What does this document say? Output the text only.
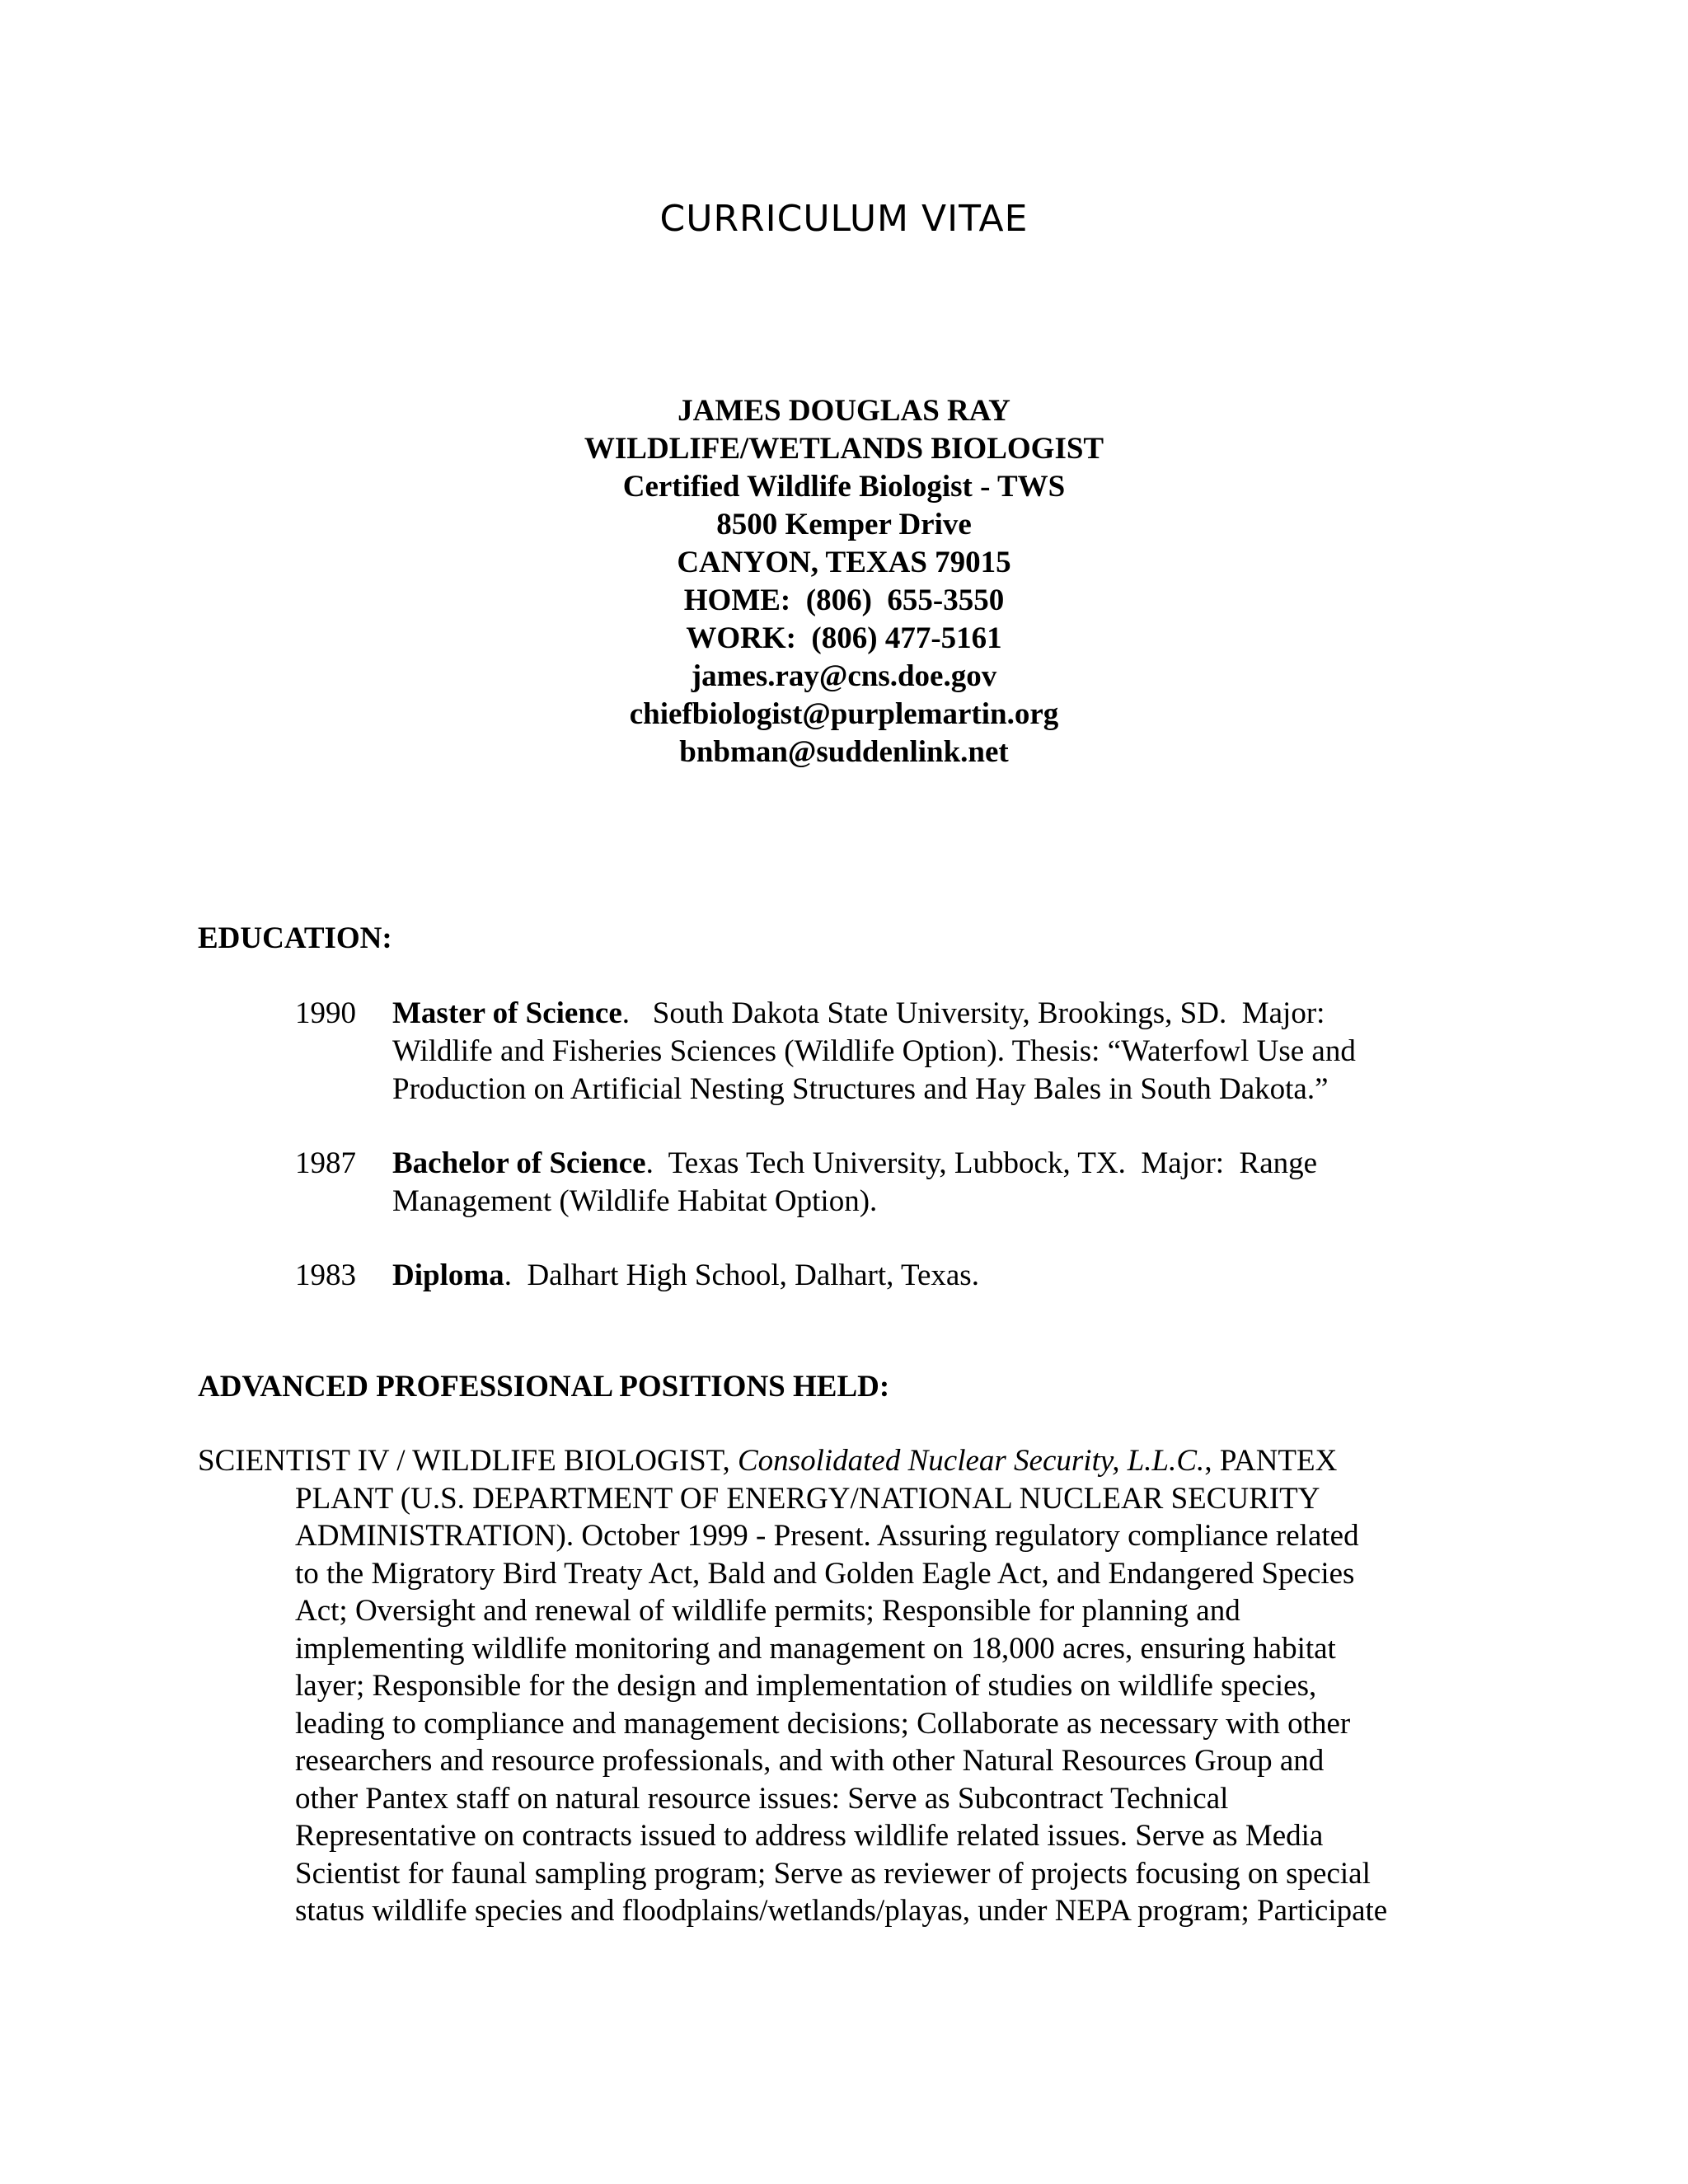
CURRICULUM VITAE
JAMES DOUGLAS RAY
WILDLIFE/WETLANDS BIOLOGIST
Certified Wildlife Biologist - TWS
8500 Kemper Drive
CANYON, TEXAS 79015
HOME:  (806)  655-3550
WORK:  (806) 477-5161
james.ray@cns.doe.gov
chiefbiologist@purplemartin.org
bnbman@suddenlink.net
EDUCATION:
1990 Master of Science.   South Dakota State University, Brookings, SD.  Major:
Wildlife and Fisheries Sciences (Wildlife Option). Thesis: “Waterfowl Use and
Production on Artificial Nesting Structures and Hay Bales in South Dakota.”
1987 Bachelor of Science.  Texas Tech University, Lubbock, TX.  Major:  Range
Management (Wildlife Habitat Option).
1983 Diploma.  Dalhart High School, Dalhart, Texas.
ADVANCED PROFESSIONAL POSITIONS HELD:
SCIENTIST IV / WILDLIFE BIOLOGIST, Consolidated Nuclear Security, L.L.C., PANTEX
PLANT (U.S. DEPARTMENT OF ENERGY/NATIONAL NUCLEAR SECURITY
ADMINISTRATION). October 1999 - Present. Assuring regulatory compliance related
to the Migratory Bird Treaty Act, Bald and Golden Eagle Act, and Endangered Species
Act; Oversight and renewal of wildlife permits; Responsible for planning and
implementing wildlife monitoring and management on 18,000 acres, ensuring habitat
layer; Responsible for the design and implementation of studies on wildlife species,
leading to compliance and management decisions; Collaborate as necessary with other
researchers and resource professionals, and with other Natural Resources Group and
other Pantex staff on natural resource issues: Serve as Subcontract Technical
Representative on contracts issued to address wildlife related issues. Serve as Media
Scientist for faunal sampling program; Serve as reviewer of projects focusing on special
status wildlife species and floodplains/wetlands/playas, under NEPA program; Participate
